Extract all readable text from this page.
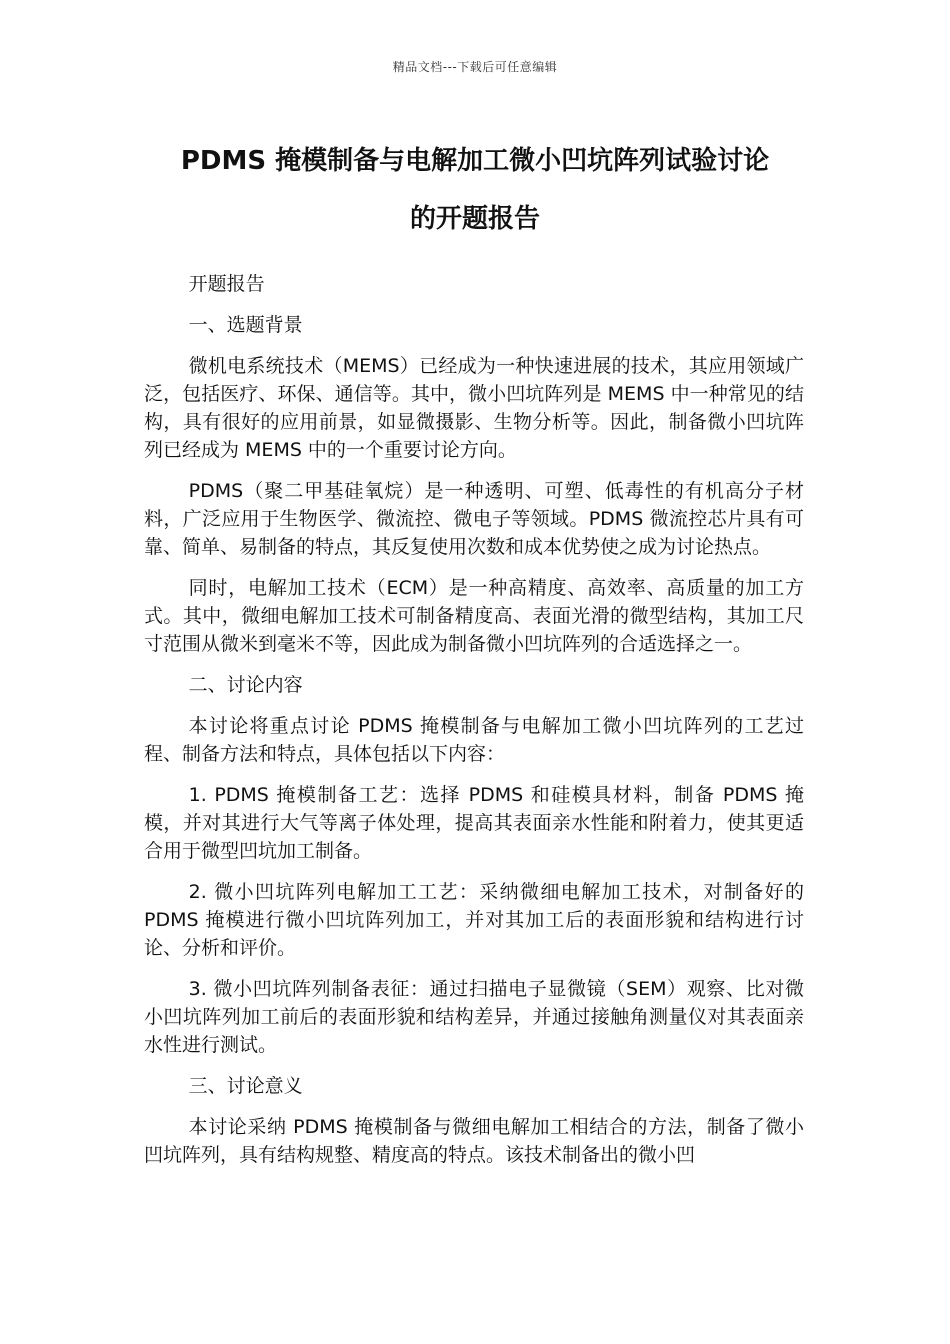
精品文档---下载后可任意编辑
PDMS 掩模制备与电解加工微小凹坑阵列试验讨论
的开题报告

开题报告

一、选题背景

微机电系统技术（MEMS）已经成为一种快速进展的技术，其应用领域广泛，包括医疗、环保、通信等。其中，微小凹坑阵列是 MEMS 中一种常见的结构，具有很好的应用前景，如显微摄影、生物分析等。因此，制备微小凹坑阵列已经成为 MEMS 中的一个重要讨论方向。

PDMS（聚二甲基硅氧烷）是一种透明、可塑、低毒性的有机高分子材料，广泛应用于生物医学、微流控、微电子等领域。PDMS 微流控芯片具有可靠、简单、易制备的特点，其反复使用次数和成本优势使之成为讨论热点。

同时，电解加工技术（ECM）是一种高精度、高效率、高质量的加工方式。其中，微细电解加工技术可制备精度高、表面光滑的微型结构，其加工尺寸范围从微米到毫米不等，因此成为制备微小凹坑阵列的合适选择之一。

二、讨论内容

本讨论将重点讨论 PDMS 掩模制备与电解加工微小凹坑阵列的工艺过程、制备方法和特点，具体包括以下内容：

1. PDMS 掩模制备工艺：选择 PDMS 和硅模具材料，制备 PDMS 掩模，并对其进行大气等离子体处理，提高其表面亲水性能和附着力，使其更适合用于微型凹坑加工制备。

2. 微小凹坑阵列电解加工工艺：采纳微细电解加工技术，对制备好的 PDMS 掩模进行微小凹坑阵列加工，并对其加工后的表面形貌和结构进行讨论、分析和评价。

3. 微小凹坑阵列制备表征：通过扫描电子显微镜（SEM）观察、比对微小凹坑阵列加工前后的表面形貌和结构差异，并通过接触角测量仪对其表面亲水性进行测试。

三、讨论意义

本讨论采纳 PDMS 掩模制备与微细电解加工相结合的方法，制备了微小凹坑阵列，具有结构规整、精度高的特点。该技术制备出的微小凹
